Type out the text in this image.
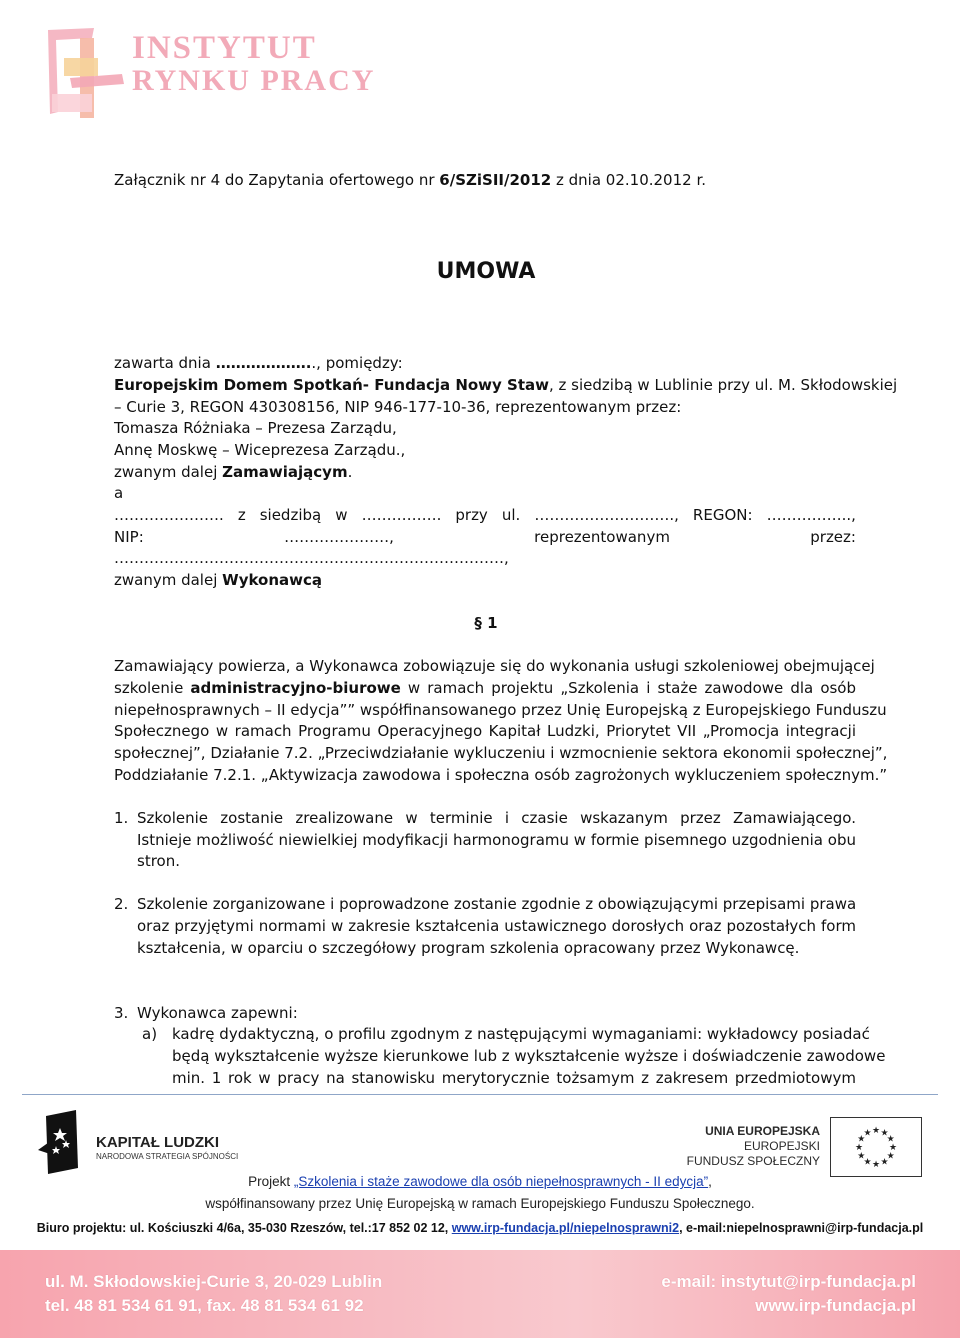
INSTYTUT
RYNKU PRACY
Załącznik nr 4 do Zapytania ofertowego nr 6/SZiSII/2012 z dnia 02.10.2012 r.
UMOWA
zawarta dnia ……………….., pomiędzy:
Europejskim Domem Spotkań- Fundacja Nowy Staw, z siedzibą w Lublinie przy ul. M. Skłodowskiej
– Curie 3, REGON 430308156, NIP 946-177-10-36, reprezentowanym przez:
Tomasza Różniaka – Prezesa Zarządu,
Annę Moskwę – Wiceprezesa Zarządu.,
zwanym dalej Zamawiającym.
a
…………………. z siedzibą w ……………. przy ul. ………………………., REGON: ……………..,
NIP:	…………………,	reprezentowanym	przez:
……………………………………………………………………,
zwanym dalej Wykonawcą
§ 1
Zamawiający powierza, a Wykonawca zobowiązuje się do wykonania usługi szkoleniowej obejmującej
szkolenie administracyjno-biurowe w ramach projektu „Szkolenia i staże zawodowe dla osób
niepełnosprawnych – II edycja”” współfinansowanego przez Unię Europejską z Europejskiego Funduszu
Społecznego w ramach Programu Operacyjnego Kapitał Ludzki, Priorytet VII „Promocja integracji
społecznej”, Działanie 7.2. „Przeciwdziałanie wykluczeniu i wzmocnienie sektora ekonomii społecznej”,
Poddziałanie 7.2.1. „Aktywizacja zawodowa i społeczna osób zagrożonych wykluczeniem społecznym.”
1. Szkolenie zostanie zrealizowane w terminie i czasie wskazanym przez Zamawiającego.
Istnieje możliwość niewielkiej modyfikacji harmonogramu w formie pisemnego uzgodnienia obu
stron.
2. Szkolenie zorganizowane i poprowadzone zostanie zgodnie z obowiązującymi przepisami prawa
oraz przyjętymi normami w zakresie kształcenia ustawicznego dorosłych oraz pozostałych form
kształcenia, w oparciu o szczegółowy program szkolenia opracowany przez Wykonawcę.
3. Wykonawca zapewni:
a) kadrę dydaktyczną, o profilu zgodnym z następującymi wymaganiami: wykładowcy posiadać
będą wykształcenie wyższe kierunkowe lub z wykształcenie wyższe i doświadczenie zawodowe
min. 1 rok w pracy na stanowisku merytorycznie tożsamym z zakresem przedmiotowym
KAPITAŁ LUDZKI
NARODOWA STRATEGIA SPÓJNOŚCI
UNIA EUROPEJSKA
EUROPEJSKI
FUNDUSZ SPOŁECZNY
★
★
★
★
★
★
★
★
★ ★ ★
★
Projekt „Szkolenia i staże zawodowe dla osób niepełnosprawnych - II edycja”,
współfinansowany przez Unię Europejską w ramach Europejskiego Funduszu Społecznego.
Biuro projektu: ul. Kościuszki 4/6a, 35-030 Rzeszów, tel.:17 852 02 12, www.irp-fundacja.pl/niepelnosprawni2, e-mail:niepelnosprawni@irp-fundacja.pl
ul. M. Skłodowskiej-Curie 3, 20-029 Lublin
tel. 48 81 534 61 91, fax. 48 81 534 61 92
e-mail: instytut@irp-fundacja.pl
www.irp-fundacja.pl
